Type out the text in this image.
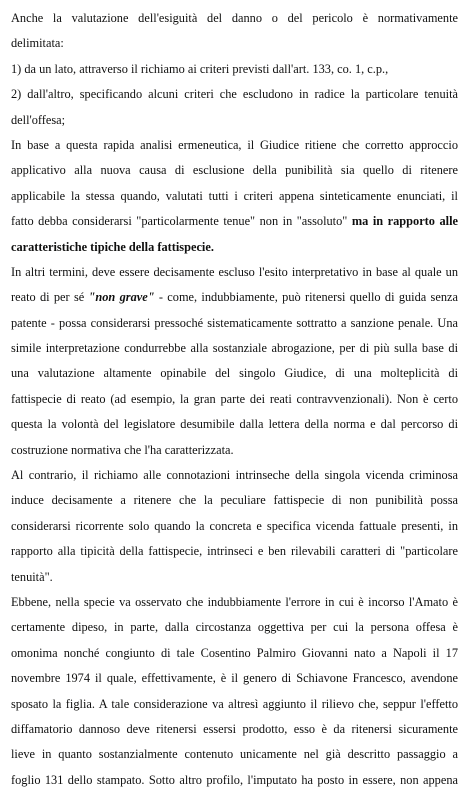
Anche la valutazione dell'esiguità del danno o del pericolo è normativamente
delimitata:
1) da un lato, attraverso il richiamo ai criteri previsti dall'art. 133, co. 1, c.p.,
2) dall'altro, specificando alcuni criteri che escludono in radice la particolare tenuità
dell'offesa;
In base a questa rapida analisi ermeneutica, il Giudice ritiene che corretto approccio
applicativo alla nuova causa di esclusione della punibilità sia quello di ritenere
applicabile la stessa quando, valutati tutti i criteri appena sinteticamente enunciati, il
fatto debba considerarsi "particolarmente tenue" non in "assoluto" ma in rapporto alle
caratteristiche tipiche della fattispecie.
In altri termini, deve essere decisamente escluso l'esito interpretativo in base al quale un
reato di per sé "non grave" - come, indubbiamente, può ritenersi quello di guida senza
patente - possa considerarsi pressoché sistematicamente sottratto a sanzione penale. Una
simile interpretazione condurrebbe alla sostanziale abrogazione, per di più sulla base di
una valutazione altamente opinabile del singolo Giudice, di una molteplicità di
fattispecie di reato (ad esempio, la gran parte dei reati contravvenzionali). Non è certo
questa la volontà del legislatore desumibile dalla lettera della norma e dal percorso di
costruzione normativa che l'ha caratterizzata.
Al contrario, il richiamo alle connotazioni intrinseche della singola vicenda criminosa
induce decisamente a ritenere che la peculiare fattispecie di non punibilità possa
considerarsi ricorrente solo quando la concreta e specifica vicenda fattuale presenti, in
rapporto alla tipicità della fattispecie, intrinseci e ben rilevabili caratteri di "particolare
tenuità".
Ebbene, nella specie va osservato che indubbiamente l'errore in cui è incorso l'Amato è
certamente dipeso, in parte, dalla circostanza oggettiva per cui la persona offesa è
omonima nonché congiunto di tale Cosentino Palmiro Giovanni nato a Napoli il 17
novembre 1974 il quale, effettivamente, è il genero di Schiavone Francesco, avendone
sposato la figlia. A tale considerazione va altresì aggiunto il rilievo che, seppur l'effetto
diffamatorio dannoso deve ritenersi essersi prodotto, esso è da ritenersi sicuramente
lieve in quanto sostanzialmente contenuto unicamente nel già descritto passaggio a
foglio 131 dello stampato. Sotto altro profilo, l'imputato ha posto in essere, non appena
